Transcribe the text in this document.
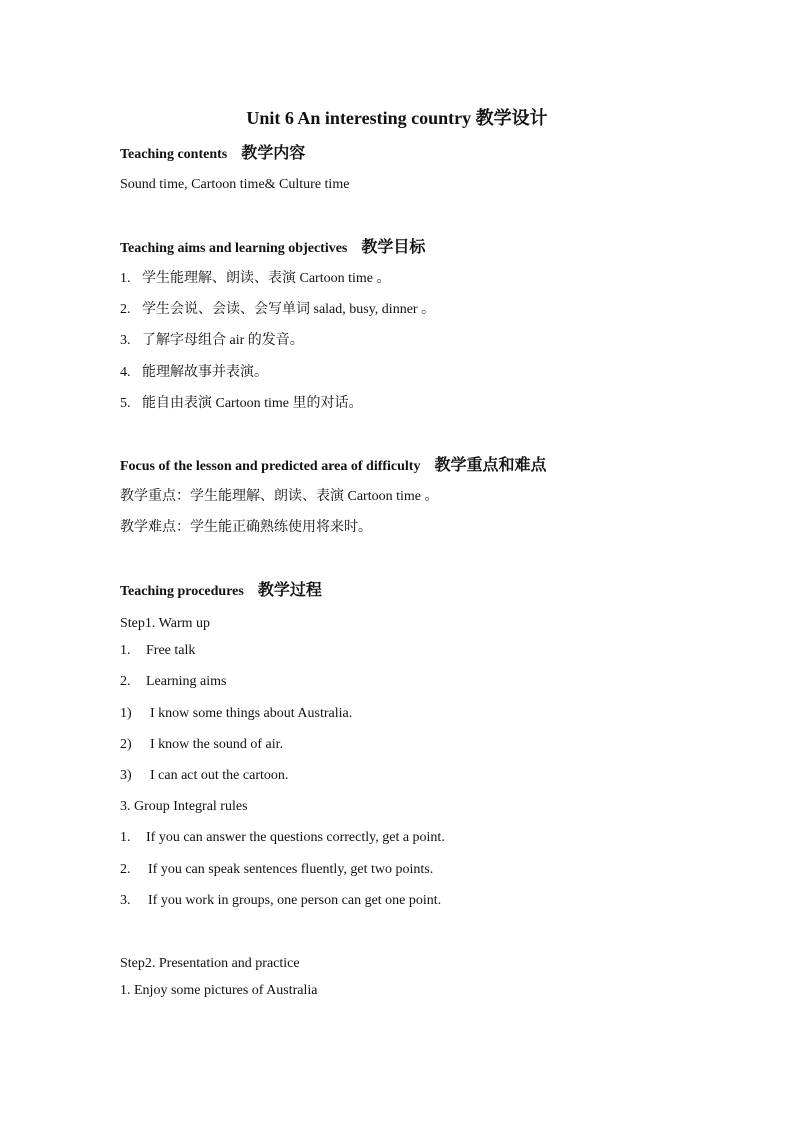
Unit 6 An interesting country 教学设计
Teaching contents 教学内容
Sound time, Cartoon time& Culture time
Teaching aims and learning objectives 教学目标
1. 学生能理解、朗读、表演 Cartoon time 。
2. 学生会说、会读、会写单词 salad, busy, dinner 。
3. 了解字母组合 air 的发音。
4. 能理解故事并表演。
5. 能自由表演 Cartoon time 里的对话。
Focus of the lesson and predicted area of difficulty 教学重点和难点
教学重点：学生能理解、朗读、表演 Cartoon time 。
教学难点：学生能正确熟练使用将来时。
Teaching procedures 教学过程
Step1. Warm up
1. Free talk
2. Learning aims
1) I know some things about Australia.
2) I know the sound of air.
3) I can act out the cartoon.
3. Group Integral rules
1. If you can answer the questions correctly, get a point.
2. If you can speak sentences fluently, get two points.
3. If you work in groups, one person can get one point.
Step2. Presentation and practice
1. Enjoy some pictures of Australia
